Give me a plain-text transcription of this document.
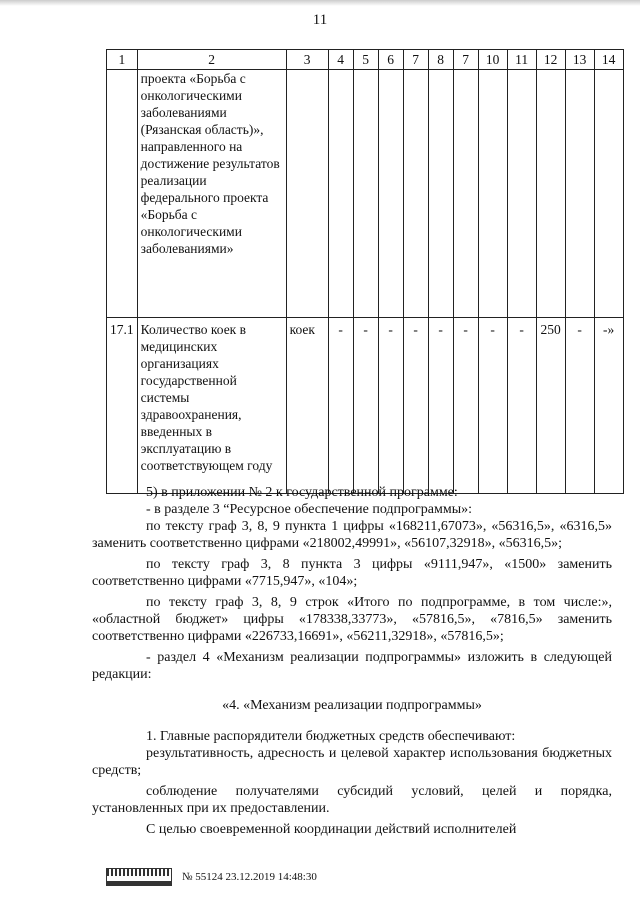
11
1	2	3	4	5	6	7	8	7	10	11	12	13	14
	проекта «Борьба с онкологическими заболеваниями (Рязанская область)», направленного на достижение результатов реализации федерального проекта «Борьба с онкологическими заболеваниями»												
17.1	Количество коек в медицинских организациях государственной системы здравоохранения, введенных в эксплуатацию в соответствующем году	коек	-	-	-	-	-	-	-	-	250	-	-»

5) в приложении № 2 к государственной программе:

- в разделе 3 “Ресурсное обеспечение подпрограммы»:

по тексту граф 3, 8, 9 пункта 1 цифры «168211,67073», «56316,5», «6316,5» заменить соответственно цифрами «218002,49991», «56107,32918», «56316,5»;

по тексту граф 3, 8 пункта 3 цифры «9111,947», «1500» заменить соответственно цифрами «7715,947», «104»;

по тексту граф 3, 8, 9 строк «Итого по подпрограмме, в том числе:», «областной бюджет» цифры «178338,33773», «57816,5», «7816,5» заменить соответственно цифрами «226733,16691», «56211,32918», «57816,5»;

- раздел 4 «Механизм реализации подпрограммы» изложить в следующей редакции:

«4. «Механизм реализации подпрограммы»

1. Главные распорядители бюджетных средств обеспечивают:

результативность, адресность и целевой характер использования бюджетных средств;

соблюдение получателями субсидий условий, целей и порядка, установленных при их предоставлении.

С целью своевременной координации действий исполнителей

№ 55124 23.12.2019 14:48:30
